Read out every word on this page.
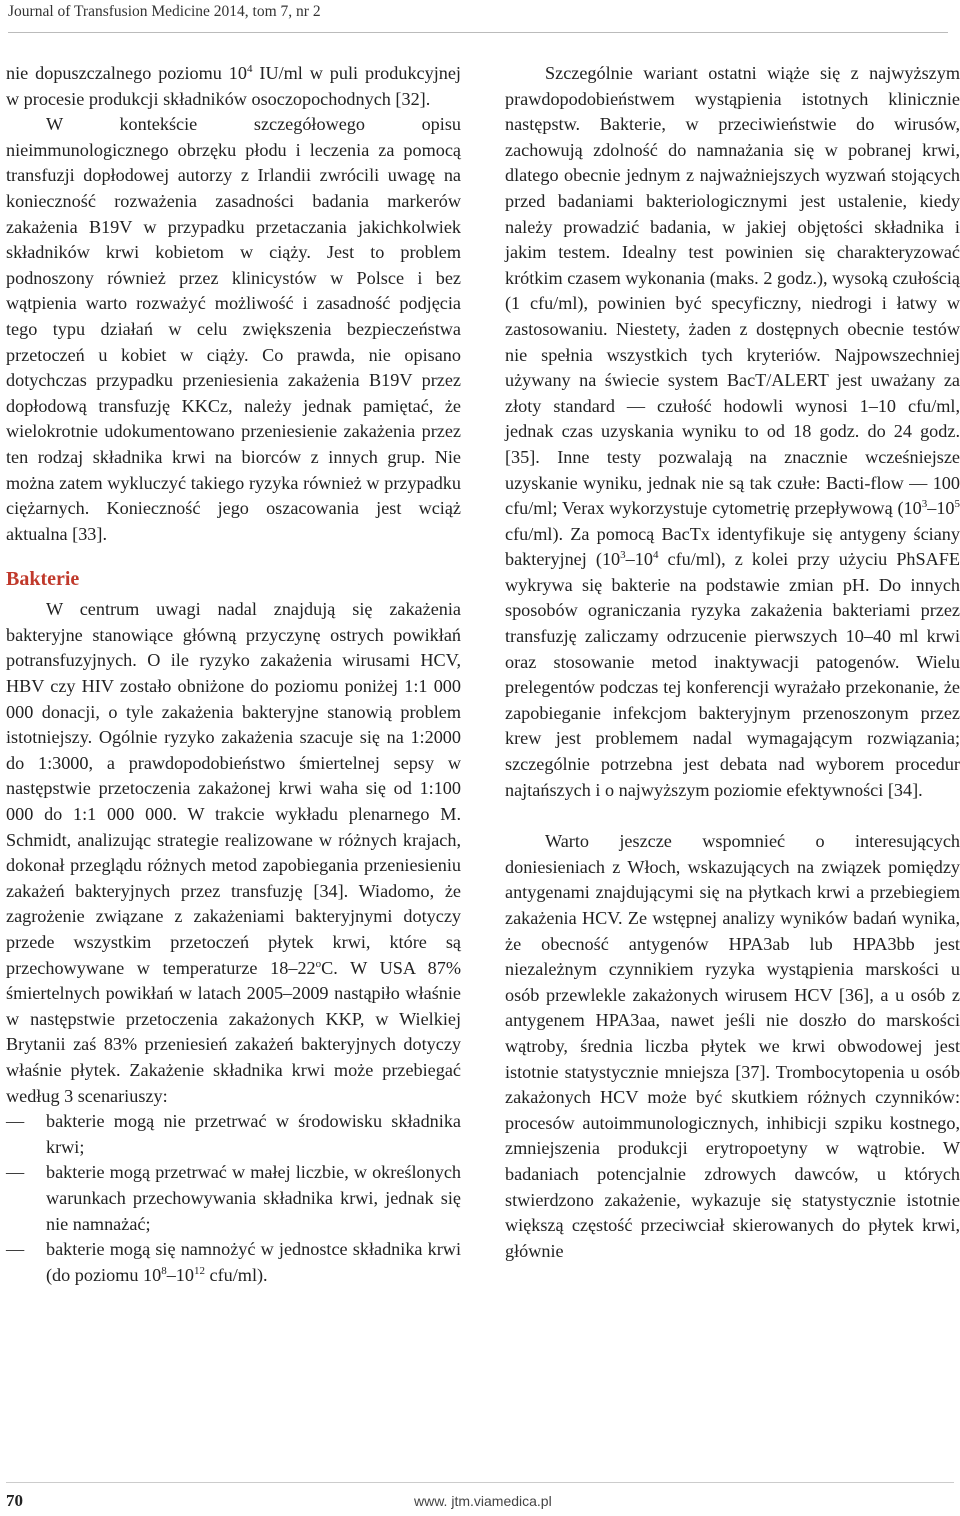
Journal of Transfusion Medicine 2014, tom 7, nr 2

nie dopuszczalnego poziomu $10^4$ IU/ml w puli produkcyjnej w procesie produkcji składników osoczopochodnych [32].

W kontekście szczegółowego opisu nieimmunologicznego obrzęku płodu i leczenia za pomocą transfuzji dopłodowej autorzy z Irlandii zwrócili uwagę na konieczność rozważenia zasadności badania markerów zakażenia B19V w przypadku przetaczania jakichkolwiek składników krwi kobietom w ciąży. Jest to problem podnoszony również przez klinicystów w Polsce i bez wątpienia warto rozważyć możliwość i zasadność podjęcia tego typu działań w celu zwiększenia bezpieczeństwa przetoczeń u kobiet w ciąży. Co prawda, nie opisano dotychczas przypadku przeniesienia zakażenia B19V przez dopłodową transfuzję KKCz, należy jednak pamiętać, że wielokrotnie udokumentowano przeniesienie zakażenia przez ten rodzaj składnika krwi na biorców z innych grup. Nie można zatem wykluczyć takiego ryzyka również w przypadku ciężarnych. Konieczność jego oszacowania jest wciąż aktualna [33].

Bakterie

W centrum uwagi nadal znajdują się zakażenia bakteryjne stanowiące główną przyczynę ostrych powikłań potransfuzyjnych. O ile ryzyko zakażenia wirusami HCV, HBV czy HIV zostało obniżone do poziomu poniżej 1:1 000 000 donacji, o tyle zakażenia bakteryjne stanowią problem istotniejszy. Ogólnie ryzyko zakażenia szacuje się na 1:2000 do 1:3000, a prawdopodobieństwo śmiertelnej sepsy w następstwie przetoczenia zakażonej krwi waha się od 1:100 000 do 1:1 000 000. W trakcie wykładu plenarnego M. Schmidt, analizując strategie realizowane w różnych krajach, dokonał przeglądu różnych metod zapobiegania przeniesieniu zakażeń bakteryjnych przez transfuzję [34]. Wiadomo, że zagrożenie związane z zakażeniami bakteryjnymi dotyczy przede wszystkim przetoczeń płytek krwi, które są przechowywane w temperaturze 18–22$^o$C. W USA 87% śmiertelnych powikłań w latach 2005–2009 nastąpiło właśnie w następstwie przetoczenia zakażonych KKP, w Wielkiej Brytanii zaś 83% przeniesień zakażeń bakteryjnych dotyczy właśnie płytek. Zakażenie składnika krwi może przebiegać według 3 scenariuszy:

— bakterie mogą nie przetrwać w środowisku składnika krwi;
— bakterie mogą przetrwać w małej liczbie, w określonych warunkach przechowywania składnika krwi, jednak się nie namnażać;
— bakterie mogą się namnożyć w jednostce składnika krwi (do poziomu $10^8-10^{12}$ cfu/ml).

Szczególnie wariant ostatni wiąże się z najwyższym prawdopodobieństwem wystąpienia istotnych klinicznie następstw. Bakterie, w przeciwieństwie do wirusów, zachowują zdolność do namnażania się w pobranej krwi, dlatego obecnie jednym z najważniejszych wyzwań stojących przed badaniami bakteriologicznymi jest ustalenie, kiedy należy prowadzić badania, w jakiej objętości składnika i jakim testem. Idealny test powinien się charakteryzować krótkim czasem wykonania (maks. 2 godz.), wysoką czułością (1 cfu/ml), powinien być specyficzny, niedrogi i łatwy w zastosowaniu. Niestety, żaden z dostępnych obecnie testów nie spełnia wszystkich tych kryteriów. Najpowszechniej używany na świecie system BacT/ALERT jest uważany za złoty standard — czułość hodowli wynosi 1–10 cfu/ml, jednak czas uzyskania wyniku to od 18 godz. do 24 godz. [35]. Inne testy pozwalają na znacznie wcześniejsze uzyskanie wyniku, jednak nie są tak czułe: Bacti-flow — 100 cfu/ml; Verax wykorzystuje cytometrię przepływową ($10^3-10^5$ cfu/ml). Za pomocą BacTx identyfikuje się antygeny ściany bakteryjnej ($10^3-10^4$ cfu/ml), z kolei przy użyciu PhSAFE wykrywa się bakterie na podstawie zmian pH. Do innych sposobów ograniczania ryzyka zakażenia bakteriami przez transfuzję zaliczamy odrzucenie pierwszych 10–40 ml krwi oraz stosowanie metod inaktywacji patogenów. Wielu prelegentów podczas tej konferencji wyrażało przekonanie, że zapobieganie infekcjom bakteryjnym przenoszonym przez krew jest problemem nadal wymagającym rozwiązania; szczególnie potrzebna jest debata nad wyborem procedur najtańszych i o najwyższym poziomie efektywności [34].

Warto jeszcze wspomnieć o interesujących doniesieniach z Włoch, wskazujących na związek pomiędzy antygenami znajdującymi się na płytkach krwi a przebiegiem zakażenia HCV. Ze wstępnej analizy wyników badań wynika, że obecność antygenów HPA3ab lub HPA3bb jest niezależnym czynnikiem ryzyka wystąpienia marskości u osób przewlekle zakażonych wirusem HCV [36], a u osób z antygenem HPA3aa, nawet jeśli nie doszło do marskości wątroby, średnia liczba płytek we krwi obwodowej jest istotnie statystycznie mniejsza [37]. Trombocytopenia u osób zakażonych HCV może być skutkiem różnych czynników: procesów autoimmunologicznych, inhibicji szpiku kostnego, zmniejszenia produkcji erytropoetyny w wątrobie. W badaniach potencjalnie zdrowych dawców, u których stwierdzono zakażenie, wykazuje się statystycznie istotnie większą częstość przeciwciał skierowanych do płytek krwi, głównie

70	www. jtm.viamedica.pl
